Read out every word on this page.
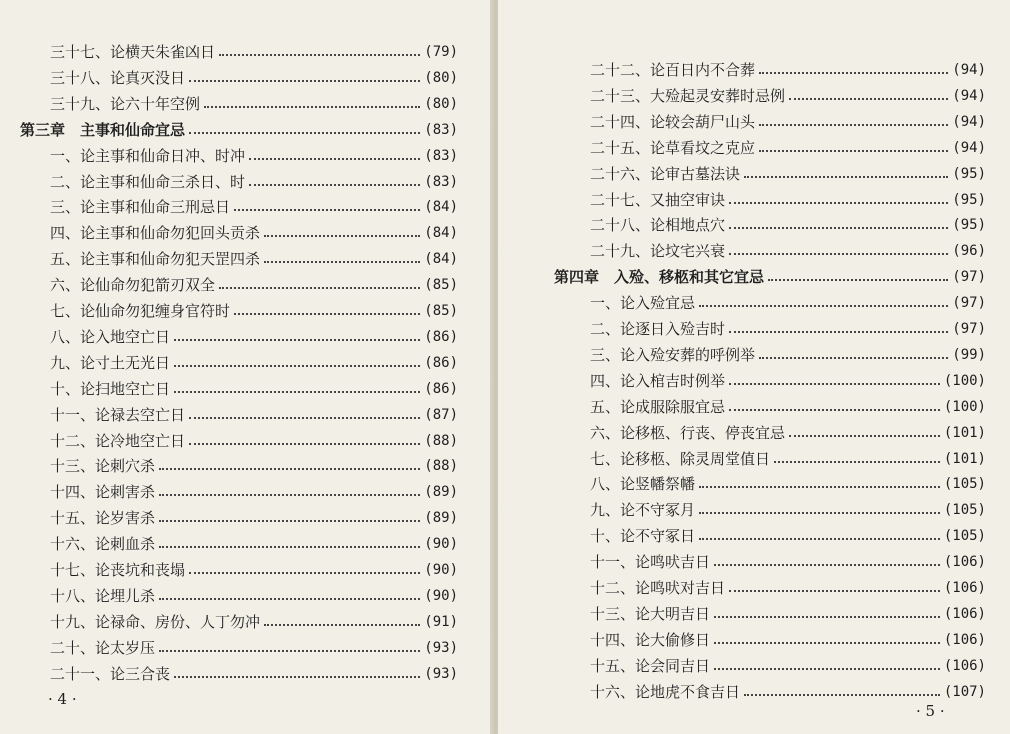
· 4 ·
三十七、论横天朱雀凶日	(79)
三十八、论真灭没日	(80)
三十九、论六十年空例	(80)
第三章　主事和仙命宜忌	(83)
一、论主事和仙命日冲、时冲	(83)
二、论主事和仙命三杀日、时	(83)
三、论主事和仙命三刑忌日	(84)
四、论主事和仙命勿犯回头贡杀	(84)
五、论主事和仙命勿犯天罡四杀	(84)
六、论仙命勿犯箭刃双全	(85)
七、论仙命勿犯缠身官符时	(85)
八、论入地空亡日	(86)
九、论寸土无光日	(86)
十、论扫地空亡日	(86)
十一、论禄去空亡日	(87)
十二、论冷地空亡日	(88)
十三、论刺穴杀	(88)
十四、论刺害杀	(89)
十五、论岁害杀	(89)
十六、论刺血杀	(90)
十七、论丧坑和丧塌	(90)
十八、论埋儿杀	(90)
十九、论禄命、房份、人丁勿冲	(91)
二十、论太岁压	(93)
二十一、论三合丧	(93)
· 5 ·
二十二、论百日内不合葬	(94)
二十三、大殓起灵安葬时忌例	(94)
二十四、论较会葫尸山头	(94)
二十五、论草看坟之克应	(94)
二十六、论审古墓法诀	(95)
二十七、又抽空审诀	(95)
二十八、论相地点穴	(95)
二十九、论坟宅兴衰	(96)
第四章　入殓、移柩和其它宜忌	(97)
一、论入殓宜忌	(97)
二、论逐日入殓吉时	(97)
三、论入殓安葬的呼例举	(99)
四、论入棺吉时例举	(100)
五、论成服除服宜忌	(100)
六、论移柩、行丧、停丧宜忌	(101)
七、论移柩、除灵周堂值日	(101)
八、论竖幡祭幡	(105)
九、论不守冢月	(105)
十、论不守冢日	(105)
十一、论鸣吠吉日	(106)
十二、论鸣吠对吉日	(106)
十三、论大明吉日	(106)
十四、论大偷修日	(106)
十五、论会同吉日	(106)
十六、论地虎不食吉日	(107)
